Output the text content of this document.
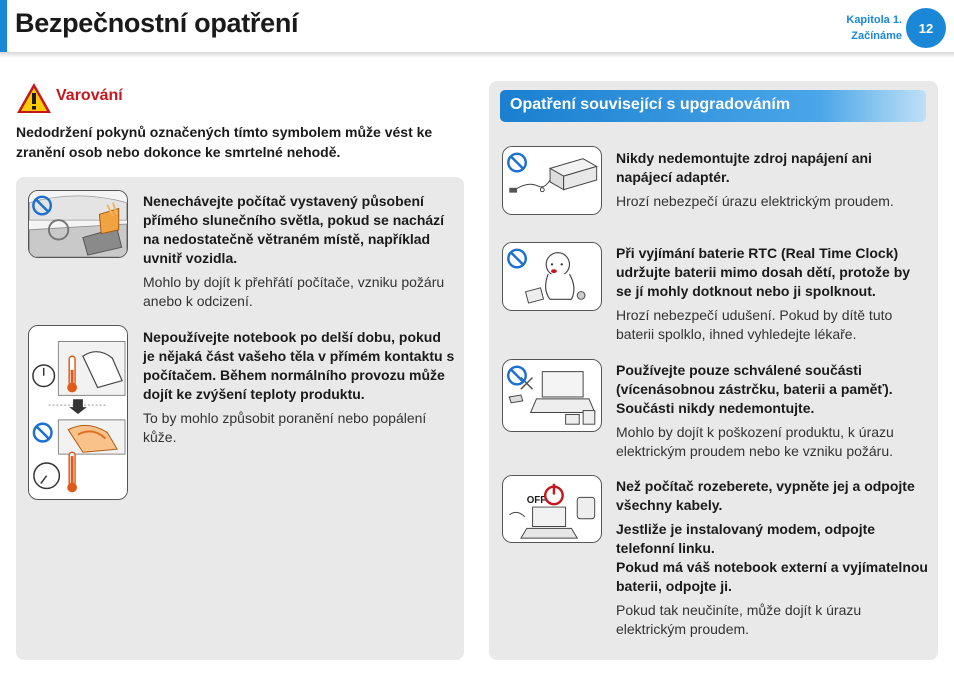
Bezpečnostní opatření	Kapitola 1.
Začínáme
12
Varování
Nedodržení pokynů označených tímto symbolem může vést ke zranění osob nebo dokonce ke smrtelné nehodě.
Nenechávejte počítač vystavený působení přímého slunečního světla, pokud se nachází na nedostatečně větraném místě, například uvnitř vozidla.
Mohlo by dojít k přehřátí počítače, vzniku požáru anebo k odcizení.
Nepoužívejte notebook po delší dobu, pokud je nějaká část vašeho těla v přímém kontaktu s počítačem. Během normálního provozu může dojít ke zvýšení teploty produktu.
To by mohlo způsobit poranění nebo popálení kůže.
Opatření související s upgradováním
Nikdy nedemontujte zdroj napájení ani napájecí adaptér.
Hrozí nebezpečí úrazu elektrickým proudem.
Při vyjímání baterie RTC (Real Time Clock) udržujte baterii mimo dosah dětí, protože by se jí mohly dotknout nebo ji spolknout.
Hrozí nebezpečí udušení. Pokud by dítě tuto baterii spolklo, ihned vyhledejte lékaře.
Používejte pouze schválené součásti (vícenásobnou zástrčku, baterii a paměť). Součásti nikdy nedemontujte.
Mohlo by dojít k poškození produktu, k úrazu elektrickým proudem nebo ke vzniku požáru.
OFF
Než počítač rozeberete, vypněte jej a odpojte všechny kabely.
Jestliže je instalovaný modem, odpojte telefonní linku.
Pokud má váš notebook externí a vyjímatelnou baterii, odpojte ji.
Pokud tak neučiníte, může dojít k úrazu elektrickým proudem.
